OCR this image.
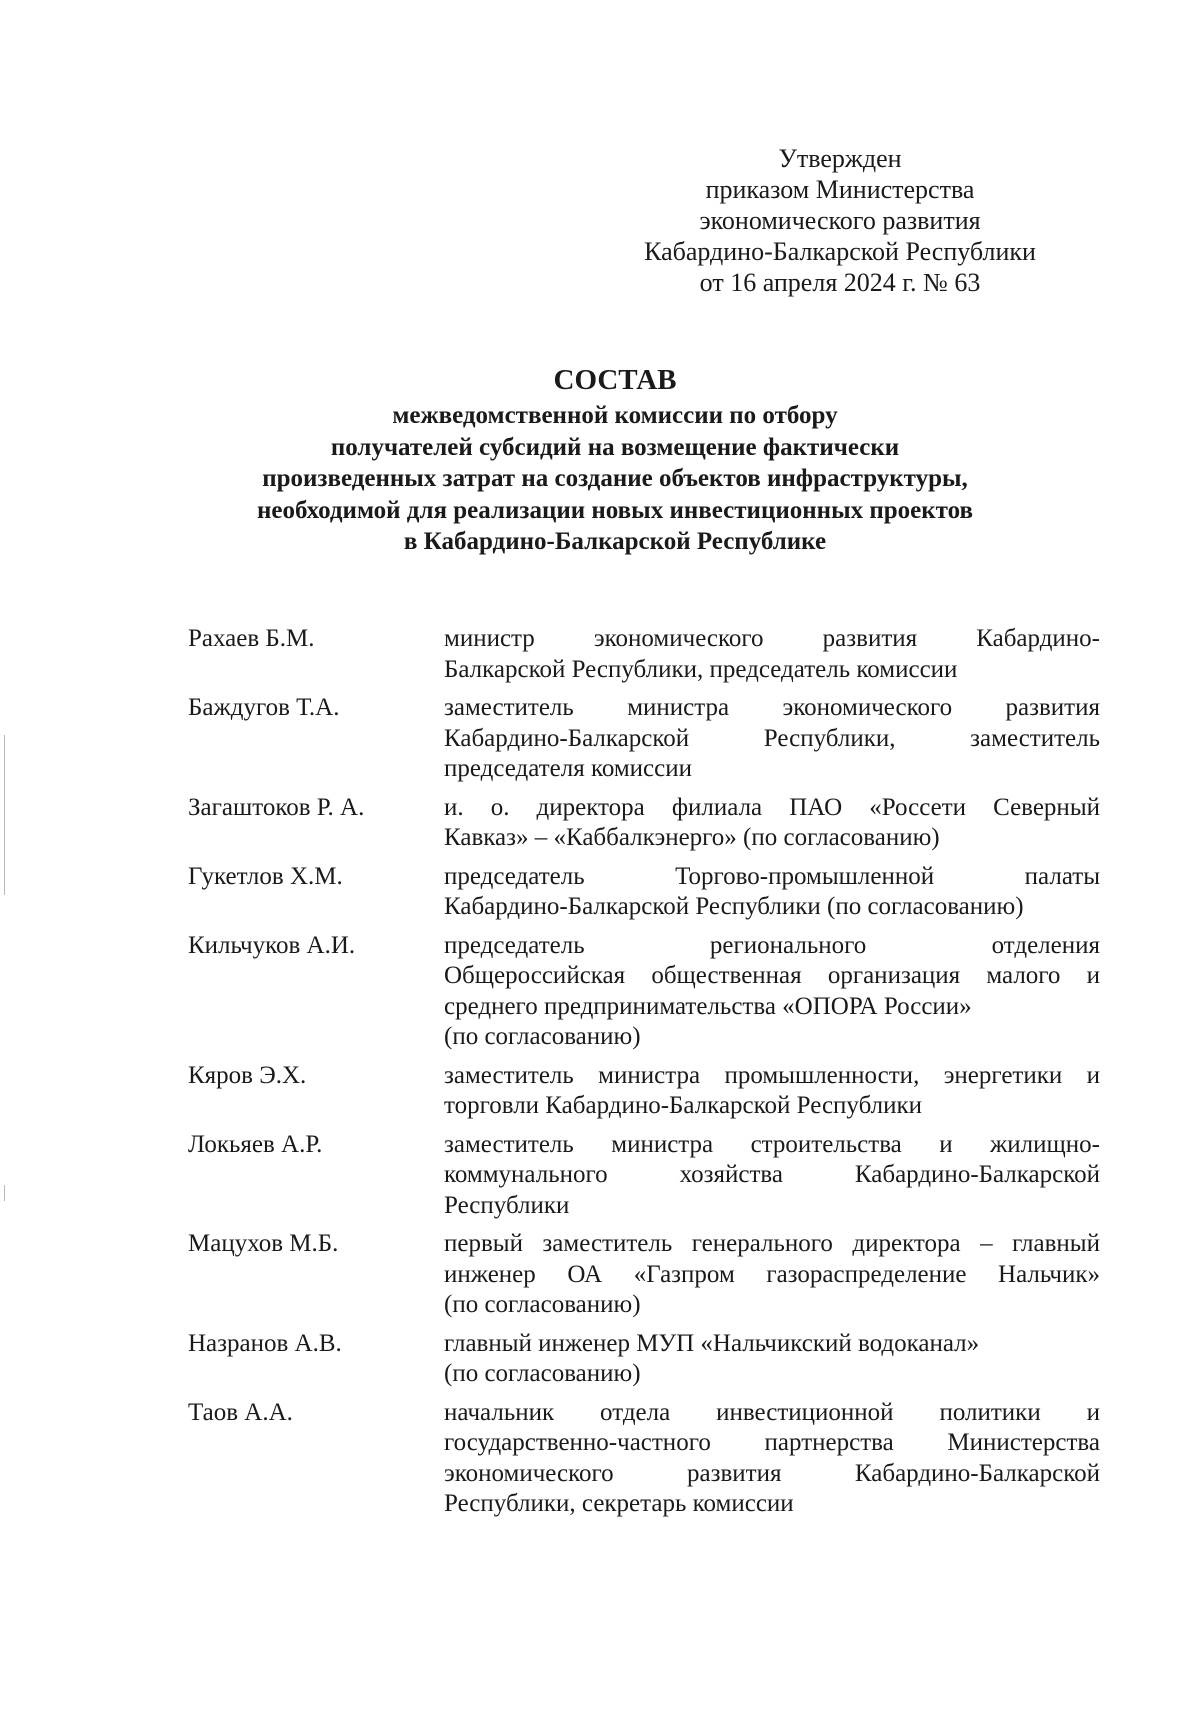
Утвержден
приказом Министерства
экономического развития
Кабардино-Балкарской Республики
от 16 апреля 2024 г. № 63
СОСТАВ
межведомственной комиссии по отбору
получателей субсидий на возмещение фактически
произведенных затрат на создание объектов инфраструктуры,
необходимой для реализации новых инвестиционных проектов
в Кабардино-Балкарской Республике
Рахаев Б.М.	министр экономического развития Кабардино-
Балкарской Республики, председатель комиссии
Баждугов Т.А.	заместитель министра экономического развития
Кабардино-Балкарской Республики, заместитель
председателя комиссии
Загаштоков Р. А.	и. о. директора филиала ПАО «Россети Северный
Кавказ» – «Каббалкэнерго» (по согласованию)
Гукетлов Х.М.	председатель Торгово-промышленной палаты
Кабардино-Балкарской Республики (по согласованию)
Кильчуков А.И.	председатель регионального отделения
Общероссийская общественная организация малого и
среднего предпринимательства «ОПОРА России»
(по согласованию)
Кяров Э.Х.	заместитель министра промышленности, энергетики и
торговли Кабардино-Балкарской Республики
Локьяев А.Р.	заместитель министра строительства и жилищно-
коммунального хозяйства Кабардино-Балкарской
Республики
Мацухов М.Б.	первый заместитель генерального директора – главный
инженер ОА «Газпром газораспределение Нальчик»
(по согласованию)
Назранов А.В.	главный инженер МУП «Нальчикский водоканал»
(по согласованию)
Таов А.А.	начальник отдела инвестиционной политики и
государственно-частного партнерства Министерства
экономического развития Кабардино-Балкарской
Республики, секретарь комиссии
